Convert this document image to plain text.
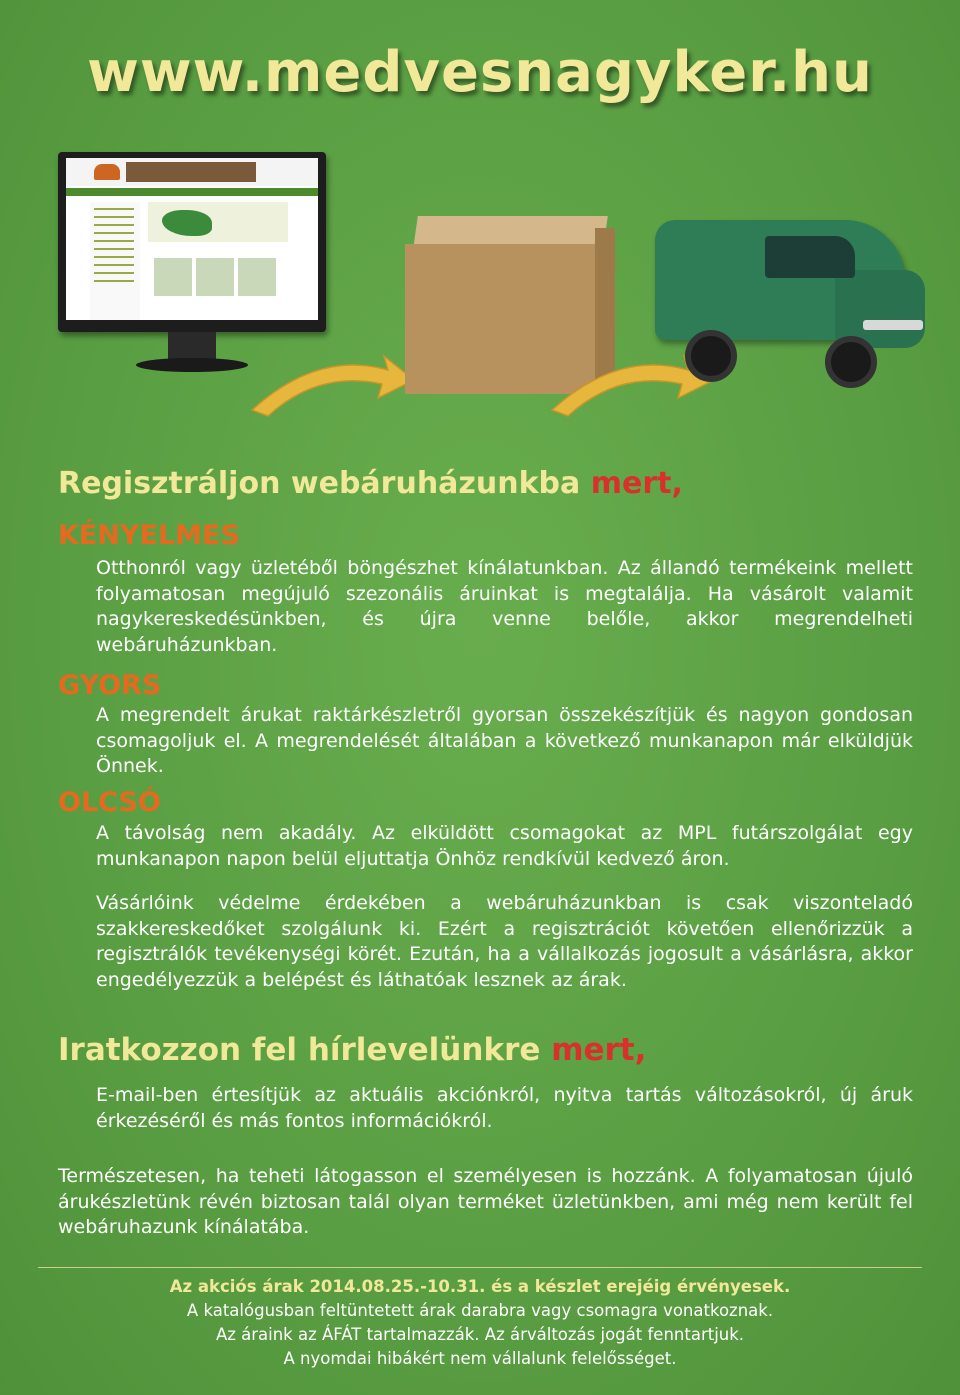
www.medvesnagyker.hu
Regisztráljon webáruházunkba mert,
KÉNYELMES
Otthonról vagy üzletéből böngészhet kínálatunkban. Az állandó termékeink mellett folyamatosan megújuló szezonális áruinkat is megtalálja. Ha vásárolt valamit nagykereskedésünkben, és újra venne belőle, akkor megrendelheti webáruházunkban.
GYORS
A megrendelt árukat raktárkészletről gyorsan összekészítjük és nagyon gondosan csomagoljuk el. A megrendelését általában a következő munkanapon már elküldjük Önnek.
OLCSÓ
A távolság nem akadály. Az elküldött csomagokat az MPL futárszolgálat egy munkanapon napon belül eljuttatja Önhöz rendkívül kedvező áron.
Vásárlóink védelme érdekében a webáruházunkban is csak viszonteladó szakkereskedőket szolgálunk ki. Ezért a regisztrációt követően ellenőrizzük a regisztrálók tevékenységi körét. Ezután, ha a vállalkozás jogosult a vásárlásra, akkor engedélyezzük a belépést és láthatóak lesznek az árak.
Iratkozzon fel hírlevelünkre mert,
E-mail-ben értesítjük az aktuális akciónkról, nyitva tartás változásokról, új áruk érkezéséről és más fontos információkról.
Természetesen, ha teheti látogasson el személyesen is hozzánk. A folyamatosan újuló árukészletünk révén biztosan talál olyan terméket üzletünkben, ami még nem került fel webáruhazunk kínálatába.
Az akciós árak 2014.08.25.-10.31. és a készlet erejéig érvényesek.
A katalógusban feltüntetett árak darabra vagy csomagra vonatkoznak.
Az áraink az ÁFÁT tartalmazzák. Az árváltozás jogát fenntartjuk.
A nyomdai hibákért nem vállalunk felelősséget.
